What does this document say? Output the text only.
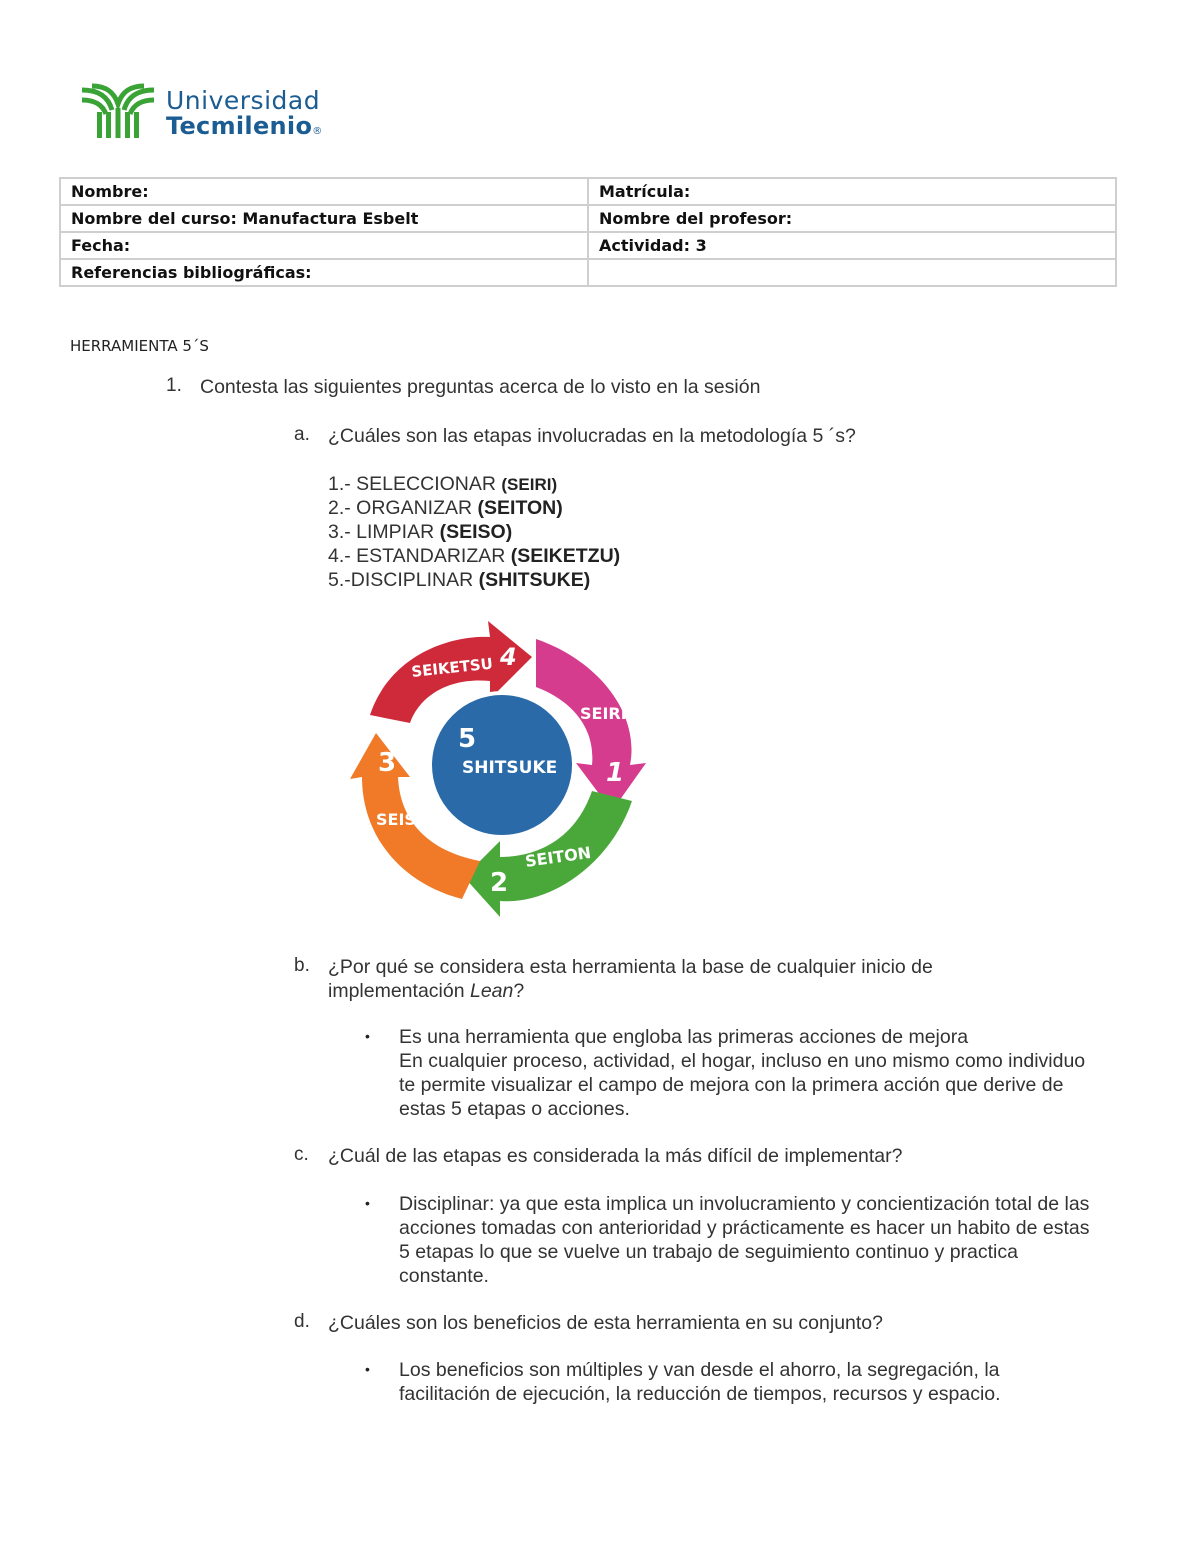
Universidad
Tecmilenio®
Nombre:	Matrícula:
Nombre del curso: Manufactura Esbelt	Nombre del profesor:
Fecha:	Actividad: 3
Referencias bibliográficas:	
HERRAMIENTA 5´S
1. Contesta las siguientes preguntas acerca de lo visto en la sesión
a. ¿Cuáles son las etapas involucradas en la metodología 5 ´s?
1.- SELECCIONAR (SEIRI)
2.- ORGANIZAR (SEITON)
3.- LIMPIAR (SEISO)
4.- ESTANDARIZAR (SEIKETZU)
5.-DISCIPLINAR (SHITSUKE)
5
SHITSUKE
SEIKETSU 4
SEIRI
1
SEITON
2
SEISO
3
b. ¿Por qué se considera esta herramienta la base de cualquier inicio de
implementación Lean?
• Es una herramienta que engloba las primeras acciones de mejora
En cualquier proceso, actividad, el hogar, incluso en uno mismo como individuo
te permite visualizar el campo de mejora con la primera acción que derive de
estas 5 etapas o acciones.
c. ¿Cuál de las etapas es considerada la más difícil de implementar?
• Disciplinar: ya que esta implica un involucramiento y concientización total de las
acciones tomadas con anterioridad y prácticamente es hacer un habito de estas
5 etapas lo que se vuelve un trabajo de seguimiento continuo y practica
constante.
d. ¿Cuáles son los beneficios de esta herramienta en su conjunto?
• Los beneficios son múltiples y van desde el ahorro, la segregación, la
facilitación de ejecución, la reducción de tiempos, recursos y espacio.
